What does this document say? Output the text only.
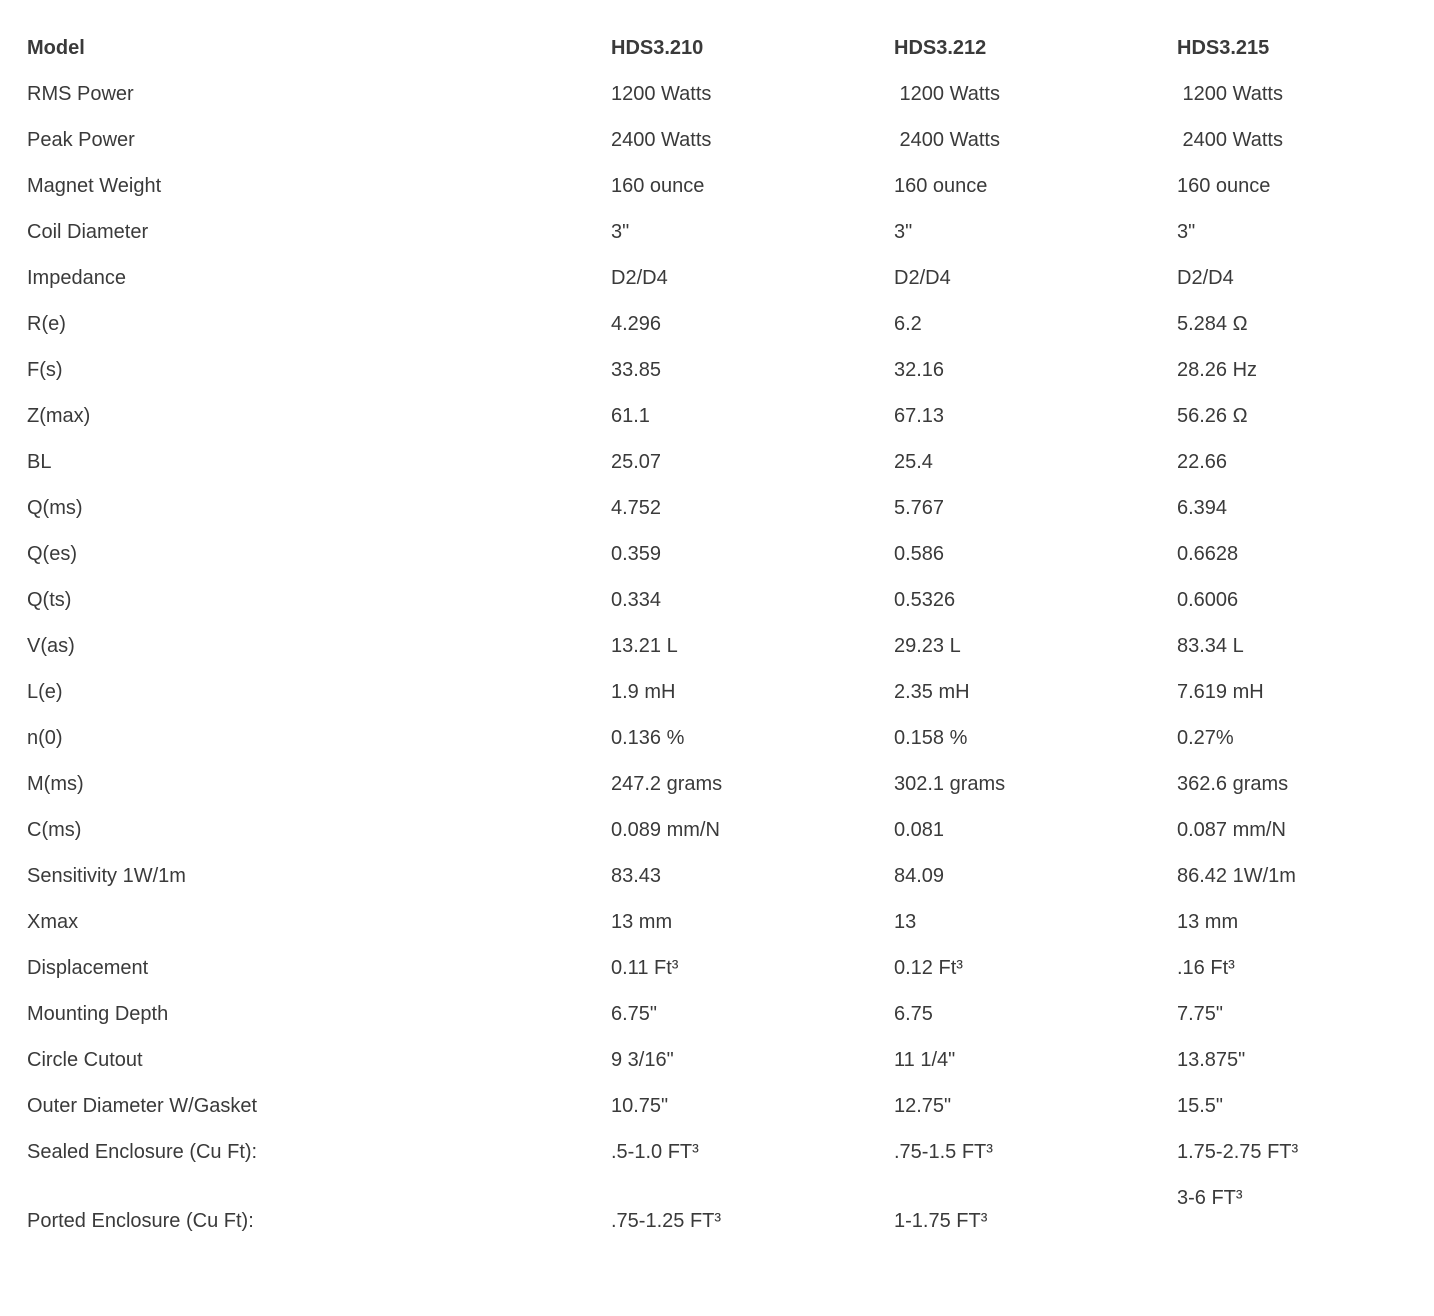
Model	HDS3.210	HDS3.212	HDS3.215
RMS Power	1200 Watts	1200 Watts	1200 Watts
Peak Power	2400 Watts	2400 Watts	2400 Watts
Magnet Weight	160 ounce	160 ounce	160 ounce
Coil Diameter	3"	3"	3"
Impedance	D2/D4	D2/D4	D2/D4
R(e)	4.296	6.2	5.284 Ω
F(s)	33.85	32.16	28.26 Hz
Z(max)	61.1	67.13	56.26 Ω
BL	25.07	25.4	22.66
Q(ms)	4.752	5.767	6.394
Q(es)	0.359	0.586	0.6628
Q(ts)	0.334	0.5326	0.6006
V(as)	13.21 L	29.23 L	83.34 L
L(e)	1.9 mH	2.35 mH	7.619 mH
n(0)	0.136 %	0.158 %	0.27%
M(ms)	247.2 grams	302.1 grams	362.6 grams
C(ms)	0.089 mm/N	0.081	0.087 mm/N
Sensitivity 1W/1m	83.43	84.09	86.42 1W/1m
Xmax	13 mm	13	13 mm
Displacement	0.11 Ft³	0.12 Ft³	.16 Ft³
Mounting Depth	6.75"	6.75	7.75"
Circle Cutout	9 3/16"	11 1/4"	13.875"
Outer Diameter W/Gasket	10.75"	12.75"	15.5"
Sealed Enclosure (Cu Ft):	.5-1.0 FT³	.75-1.5 FT³	1.75-2.75 FT³
Ported Enclosure (Cu Ft):	.75-1.25 FT³	1-1.75 FT³	3-6 FT³
